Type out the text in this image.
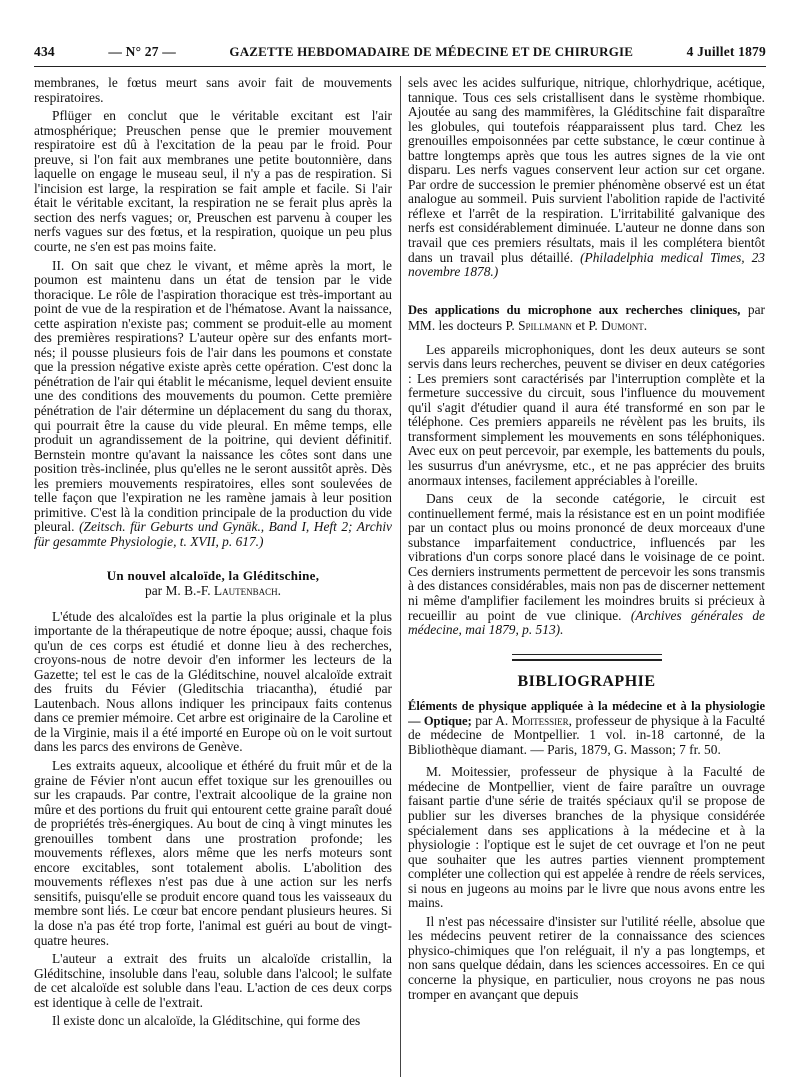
434	— N° 27 —	GAZETTE HEBDOMADAIRE DE MÉDECINE ET DE CHIRURGIE	4 Juillet 1879

membranes, le fœtus meurt sans avoir fait de mouvements respiratoires.

Pflüger en conclut que le véritable excitant est l'air atmosphérique; Preuschen pense que le premier mouvement respiratoire est dû à l'excitation de la peau par le froid. Pour preuve, si l'on fait aux membranes une petite boutonnière, dans laquelle on engage le museau seul, il n'y a pas de respiration. Si l'incision est large, la respiration se fait ample et facile. Si l'air était le véritable excitant, la respiration ne se ferait plus après la section des nerfs vagues; or, Preuschen est parvenu à couper les nerfs vagues sur des fœtus, et la respiration, quoique un peu plus courte, ne s'en est pas moins faite.

II. On sait que chez le vivant, et même après la mort, le poumon est maintenu dans un état de tension par le vide thoracique. Le rôle de l'aspiration thoracique est très-important au point de vue de la respiration et de l'hématose. Avant la naissance, cette aspiration n'existe pas; comment se produit-elle au moment des premières respirations? L'auteur opère sur des enfants mort-nés; il pousse plusieurs fois de l'air dans les poumons et constate que la pression négative existe après cette opération. C'est donc la pénétration de l'air qui établit le mécanisme, lequel devient ensuite une des conditions des mouvements du poumon. Cette première pénétration de l'air détermine un déplacement du sang du thorax, qui pourrait être la cause du vide pleural. En même temps, elle produit un agrandissement de la poitrine, qui devient définitif. Bernstein montre qu'avant la naissance les côtes sont dans une position très-inclinée, plus qu'elles ne le seront aussitôt après. Dès les premiers mouvements respiratoires, elles sont soulevées de telle façon que l'expiration ne les ramène jamais à leur position primitive. C'est là la condition principale de la production du vide pleural. (Zeitsch. für Geburts und Gynäk., Band I, Heft 2; Archiv für gesammte Physiologie, t. XVII, p. 617.)

Un nouvel alcaloïde, la Gléditschine,
par M. B.-F. Lautenbach.

L'étude des alcaloïdes est la partie la plus originale et la plus importante de la thérapeutique de notre époque; aussi, chaque fois qu'un de ces corps est étudié et donne lieu à des recherches, croyons-nous de notre devoir d'en informer les lecteurs de la Gazette; tel est le cas de la Gléditschine, nouvel alcaloïde extrait des fruits du Févier (Gleditschia triacantha), étudié par Lautenbach. Nous allons indiquer les principaux faits contenus dans ce premier mémoire. Cet arbre est originaire de la Caroline et de la Virginie, mais il a été importé en Europe où on le voit surtout dans les parcs des environs de Genève.

Les extraits aqueux, alcoolique et éthéré du fruit mûr et de la graine de Févier n'ont aucun effet toxique sur les grenouilles ou sur les crapauds. Par contre, l'extrait alcoolique de la graine non mûre et des portions du fruit qui entourent cette graine paraît doué de propriétés très-énergiques. Au bout de cinq à vingt minutes les grenouilles tombent dans une prostration profonde; les mouvements réflexes, alors même que les nerfs moteurs sont encore excitables, sont totalement abolis. L'abolition des mouvements réflexes n'est pas due à une action sur les nerfs sensitifs, puisqu'elle se produit encore quand tous les vaisseaux du membre sont liés. Le cœur bat encore pendant plusieurs heures. Si la dose n'a pas été trop forte, l'animal est guéri au bout de vingt-quatre heures.

L'auteur a extrait des fruits un alcaloïde cristallin, la Gléditschine, insoluble dans l'eau, soluble dans l'alcool; le sulfate de cet alcaloïde est soluble dans l'eau. L'action de ces deux corps est identique à celle de l'extrait.

Il existe donc un alcaloïde, la Gléditschine, qui forme des

sels avec les acides sulfurique, nitrique, chlorhydrique, acétique, tannique. Tous ces sels cristallisent dans le système rhombique. Ajoutée au sang des mammifères, la Gléditschine fait disparaître les globules, qui toutefois réapparaissent plus tard. Chez les grenouilles empoisonnées par cette substance, le cœur continue à battre longtemps après que tous les autres signes de la vie ont disparu. Les nerfs vagues conservent leur action sur cet organe. Par ordre de succession le premier phénomène observé est un état analogue au sommeil. Puis survient l'abolition rapide de l'activité réflexe et l'arrêt de la respiration. L'irritabilité galvanique des nerfs est considérablement diminuée. L'auteur ne donne dans son travail que ces premiers résultats, mais il les complétera bientôt dans un travail plus détaillé. (Philadelphia medical Times, 23 novembre 1878.)

Des applications du microphone aux recherches cliniques, par MM. les docteurs P. Spillmann et P. Dumont.

Les appareils microphoniques, dont les deux auteurs se sont servis dans leurs recherches, peuvent se diviser en deux catégories : Les premiers sont caractérisés par l'interruption complète et la fermeture successive du circuit, sous l'influence du mouvement qu'il s'agit d'étudier quand il aura été transformé en son par le téléphone. Ces premiers appareils ne révèlent pas les bruits, ils transforment simplement les mouvements en sons téléphoniques. Avec eux on peut percevoir, par exemple, les battements du pouls, les susurrus d'un anévrysme, etc., et ne pas apprécier des bruits anormaux intenses, facilement appréciables à l'oreille.

Dans ceux de la seconde catégorie, le circuit est continuellement fermé, mais la résistance est en un point modifiée par un contact plus ou moins prononcé de deux morceaux d'une substance imparfaitement conductrice, influencés par les vibrations d'un corps sonore placé dans le voisinage de ce point. Ces derniers instruments permettent de percevoir les sons transmis à des distances considérables, mais non pas de discerner nettement ni même d'amplifier facilement les moindres bruits si précieux à recueillir au point de vue clinique. (Archives générales de médecine, mai 1879, p. 513).

BIBLIOGRAPHIE

Éléments de physique appliquée à la médecine et à la physiologie — Optique; par A. Moitessier, professeur de physique à la Faculté de médecine de Montpellier. 1 vol. in-18 cartonné, de la Bibliothèque diamant. — Paris, 1879, G. Masson; 7 fr. 50.

M. Moitessier, professeur de physique à la Faculté de médecine de Montpellier, vient de faire paraître un ouvrage faisant partie d'une série de traités spéciaux qu'il se propose de publier sur les diverses branches de la physique considérée spécialement dans ses applications à la médecine et à la physiologie : l'optique est le sujet de cet ouvrage et l'on ne peut que souhaiter que les autres parties viennent promptement compléter une collection qui est appelée à rendre de réels services, si nous en jugeons au moins par le livre que nous avons entre les mains.

Il n'est pas nécessaire d'insister sur l'utilité réelle, absolue que les médecins peuvent retirer de la connaissance des sciences physico-chimiques que l'on reléguait, il n'y a pas longtemps, et non sans quelque dédain, dans les sciences accessoires. En ce qui concerne la physique, en particulier, nous croyons ne pas nous tromper en avançant que depuis
